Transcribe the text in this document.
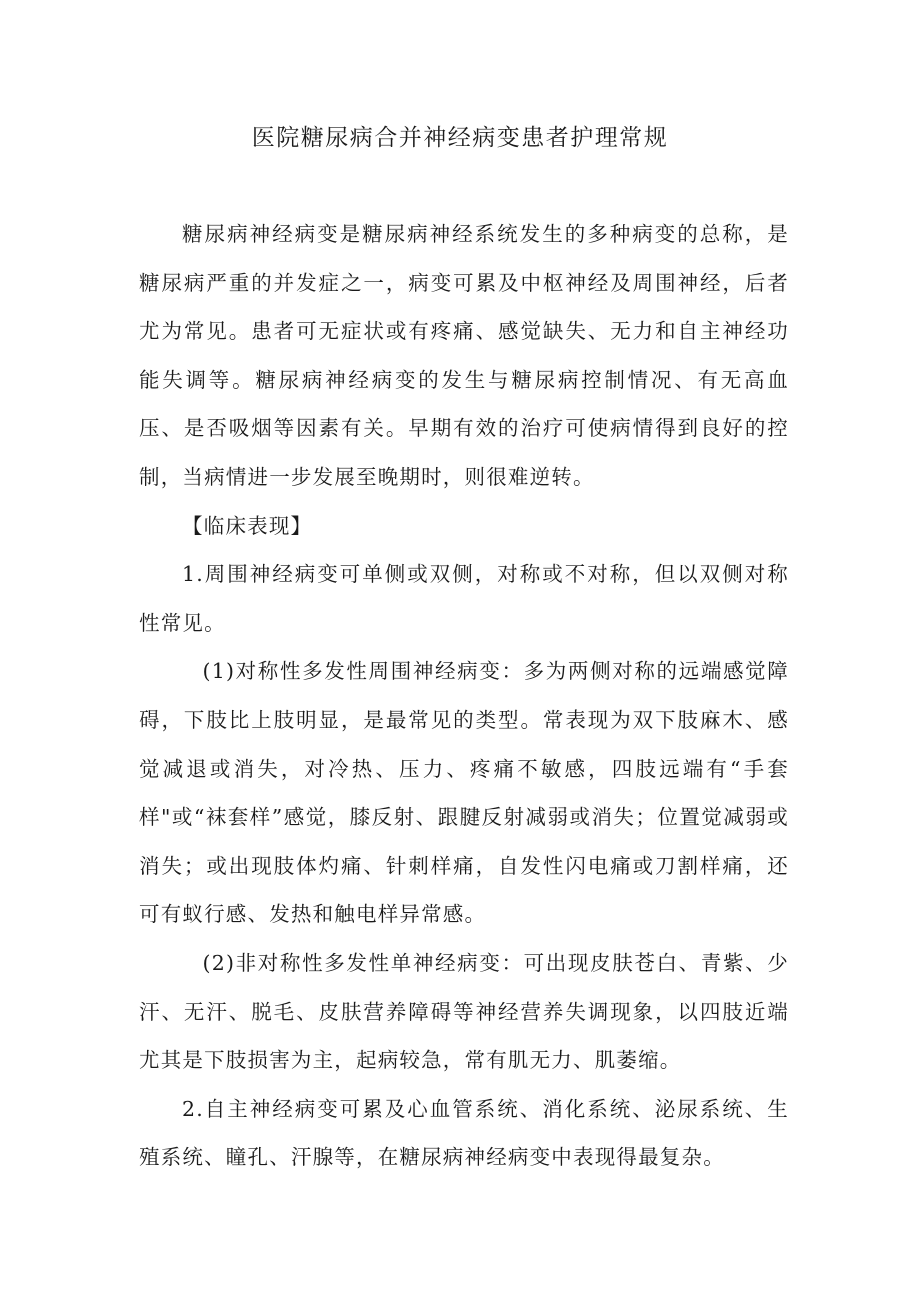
医院糖尿病合并神经病变患者护理常规

糖尿病神经病变是糖尿病神经系统发生的多种病变的总称，是糖尿病严重的并发症之一，病变可累及中枢神经及周围神经，后者尤为常见。患者可无症状或有疼痛、感觉缺失、无力和自主神经功能失调等。糖尿病神经病变的发生与糖尿病控制情况、有无高血压、是否吸烟等因素有关。早期有效的治疗可使病情得到良好的控制，当病情进一步发展至晚期时，则很难逆转。

【临床表现】

1.周围神经病变可单侧或双侧，对称或不对称，但以双侧对称性常见。

(1)对称性多发性周围神经病变：多为两侧对称的远端感觉障碍，下肢比上肢明显，是最常见的类型。常表现为双下肢麻木、感觉减退或消失，对冷热、压力、疼痛不敏感，四肢远端有“手套样"或“袜套样”感觉，膝反射、跟腱反射减弱或消失；位置觉减弱或消失；或出现肢体灼痛、针刺样痛，自发性闪电痛或刀割样痛，还可有蚁行感、发热和触电样异常感。

(2)非对称性多发性单神经病变：可出现皮肤苍白、青紫、少汗、无汗、脱毛、皮肤营养障碍等神经营养失调现象，以四肢近端尤其是下肢损害为主，起病较急，常有肌无力、肌萎缩。

2.自主神经病变可累及心血管系统、消化系统、泌尿系统、生殖系统、瞳孔、汗腺等，在糖尿病神经病变中表现得最复杂。
